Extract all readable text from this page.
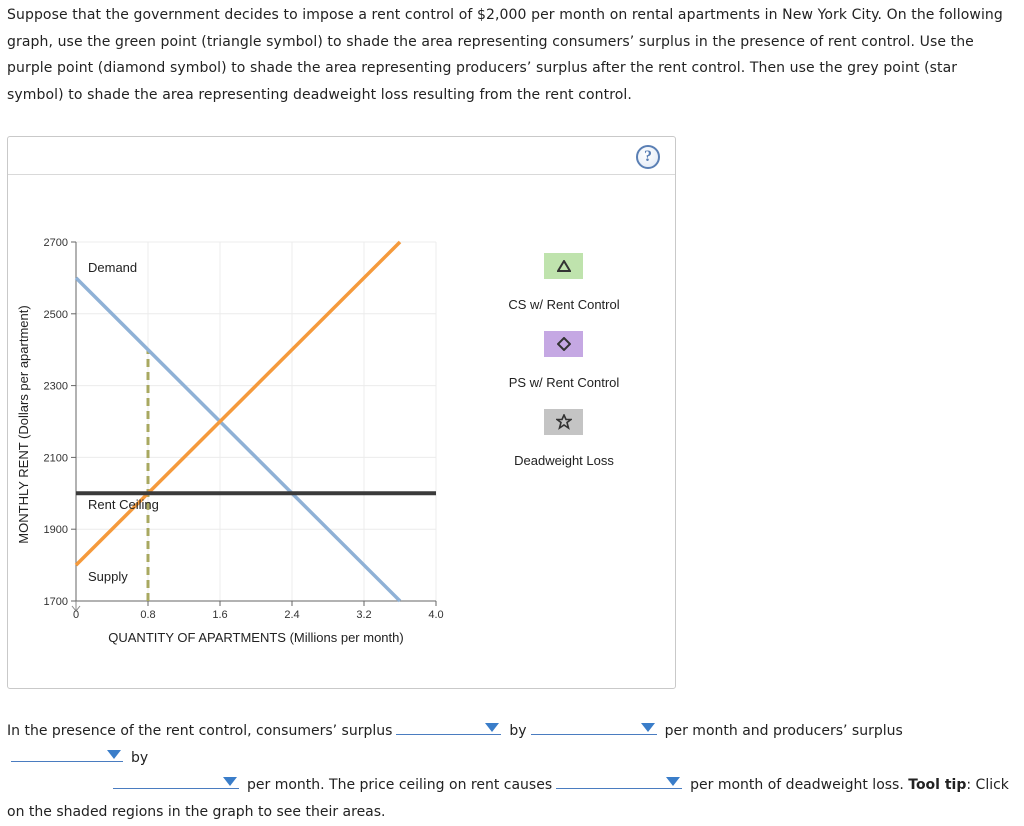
Suppose that the government decides to impose a rent control of $2,000 per month on rental apartments in New York City. On the following graph, use the green point (triangle symbol) to shade the area representing consumers’ surplus in the presence of rent control. Use the purple point (diamond symbol) to shade the area representing producers’ surplus after the rent control. Then use the grey point (star symbol) to shade the area representing deadweight loss resulting from the rent control.
?
1700
1900
2100
2300
2500
2700
0	0.8	1.6	2.4	3.2	4.0
QUANTITY OF APARTMENTS (Millions per month)
MONTHLY RENT (Dollars per apartment)
Demand
Rent Ceiling
Supply
CS w/ Rent Control
PS w/ Rent Control
Deadweight Loss
In the presence of the rent control, consumers’ surplus	by	per month and producers’ surplus
by

per month. The price ceiling on rent causes	per month of deadweight loss. Tool tip: Click on the shaded regions in the graph to see their areas.
